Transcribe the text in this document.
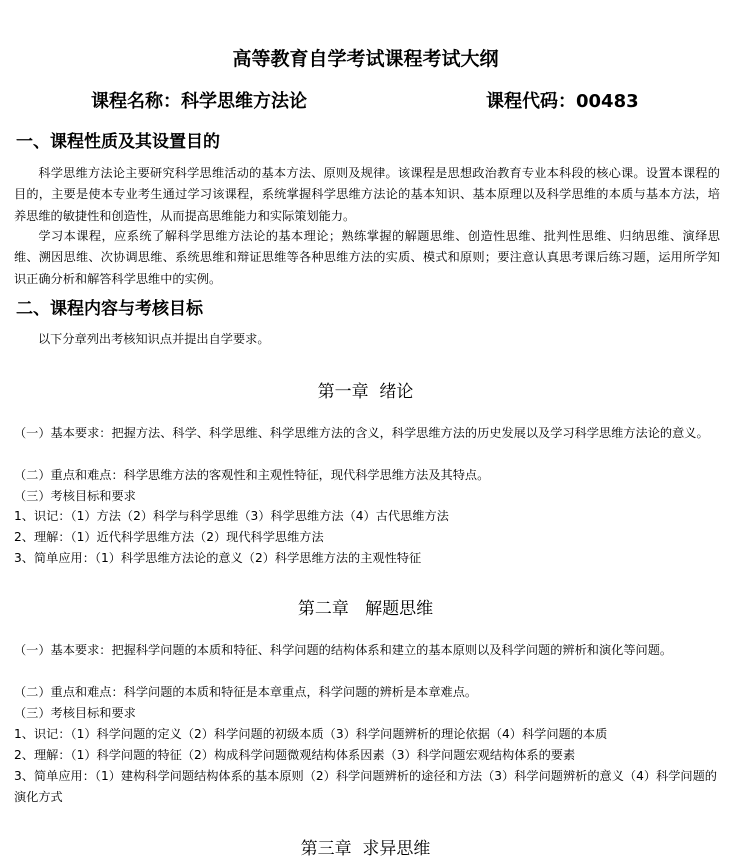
高等教育自学考试课程考试大纲
课程名称：科学思维方法论	课程代码：00483
一、课程性质及其设置目的

科学思维方法论主要研究科学思维活动的基本方法、原则及规律。该课程是思想政治教育专业本科段的核心课。设置本课程的目的，主要是使本专业考生通过学习该课程，系统掌握科学思维方法论的基本知识、基本原理以及科学思维的本质与基本方法，培养思维的敏捷性和创造性，从而提高思维能力和实际策划能力。

学习本课程，应系统了解科学思维方法论的基本理论；熟练掌握的解题思维、创造性思维、批判性思维、归纳思维、演绎思维、溯因思维、次协调思维、系统思维和辩证思维等各种思维方法的实质、模式和原则；要注意认真思考课后练习题，运用所学知识正确分析和解答科学思维中的实例。

二、课程内容与考核目标
以下分章列出考核知识点并提出自学要求。
第一章  绪论
（一）基本要求：把握方法、科学、科学思维、科学思维方法的含义，科学思维方法的历史发展以及学习科学思维方法论的意义。
（二）重点和难点：科学思维方法的客观性和主观性特征，现代科学思维方法及其特点。
（三）考核目标和要求
1、识记：（1）方法（2）科学与科学思维（3）科学思维方法（4）古代思维方法
2、理解：（1）近代科学思维方法（2）现代科学思维方法
3、简单应用：（1）科学思维方法论的意义（2）科学思维方法的主观性特征
第二章   解题思维
（一）基本要求：把握科学问题的本质和特征、科学问题的结构体系和建立的基本原则以及科学问题的辨析和演化等问题。
（二）重点和难点：科学问题的本质和特征是本章重点，科学问题的辨析是本章难点。
（三）考核目标和要求
1、识记：（1）科学问题的定义（2）科学问题的初级本质（3）科学问题辨析的理论依据（4）科学问题的本质
2、理解：（1）科学问题的特征（2）构成科学问题微观结构体系因素（3）科学问题宏观结构体系的要素
3、简单应用：（1）建构科学问题结构体系的基本原则（2）科学问题辨析的途径和方法（3）科学问题辨析的意义（4）科学问题的演化方式
第三章  求异思维
